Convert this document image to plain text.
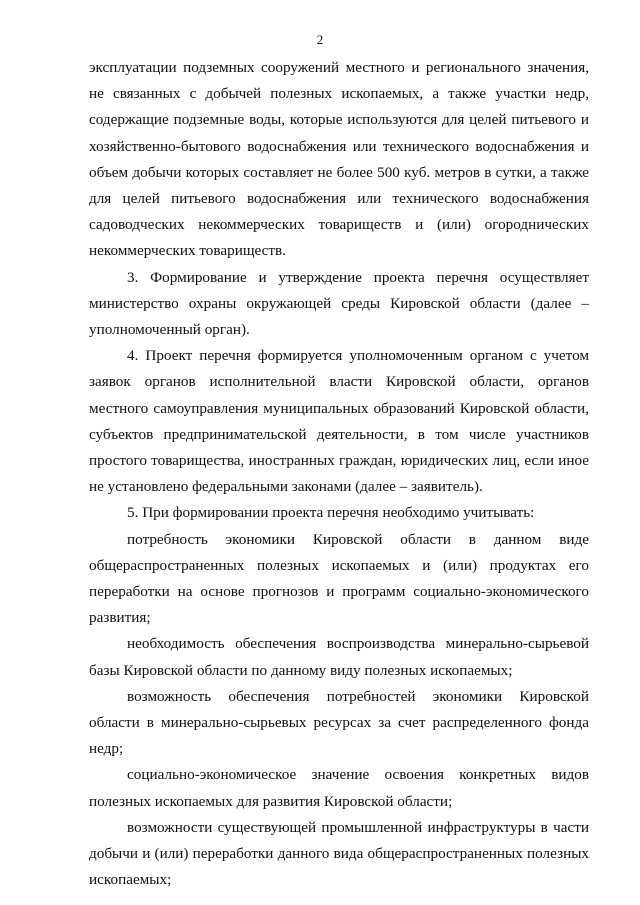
2

эксплуатации подземных сооружений местного и регионального значения, не связанных с добычей полезных ископаемых, а также участки недр, содержащие подземные воды, которые используются для целей питьевого и хозяйственно-бытового водоснабжения или технического водоснабжения и объем добычи которых составляет не более 500 куб. метров в сутки, а также для целей питьевого водоснабжения или технического водоснабжения садоводческих некоммерческих товариществ и (или) огороднических некоммерческих товариществ.

3. Формирование и утверждение проекта перечня осуществляет министерство охраны окружающей среды Кировской области (далее – уполномоченный орган).

4. Проект перечня формируется уполномоченным органом с учетом заявок органов исполнительной власти Кировской области, органов местного самоуправления муниципальных образований Кировской области, субъектов предпринимательской деятельности, в том числе участников простого товарищества, иностранных граждан, юридических лиц, если иное не установлено федеральными законами (далее – заявитель).

5. При формировании проекта перечня необходимо учитывать:

потребность экономики Кировской области в данном виде общераспространенных полезных ископаемых и (или) продуктах его переработки на основе прогнозов и программ социально-экономического развития;

необходимость обеспечения воспроизводства минерально-сырьевой базы Кировской области по данному виду полезных ископаемых;

возможность обеспечения потребностей экономики Кировской области в минерально-сырьевых ресурсах за счет распределенного фонда недр;

социально-экономическое значение освоения конкретных видов полезных ископаемых для развития Кировской области;

возможности существующей промышленной инфраструктуры в части добычи и (или) переработки данного вида общераспространенных полезных ископаемых;
